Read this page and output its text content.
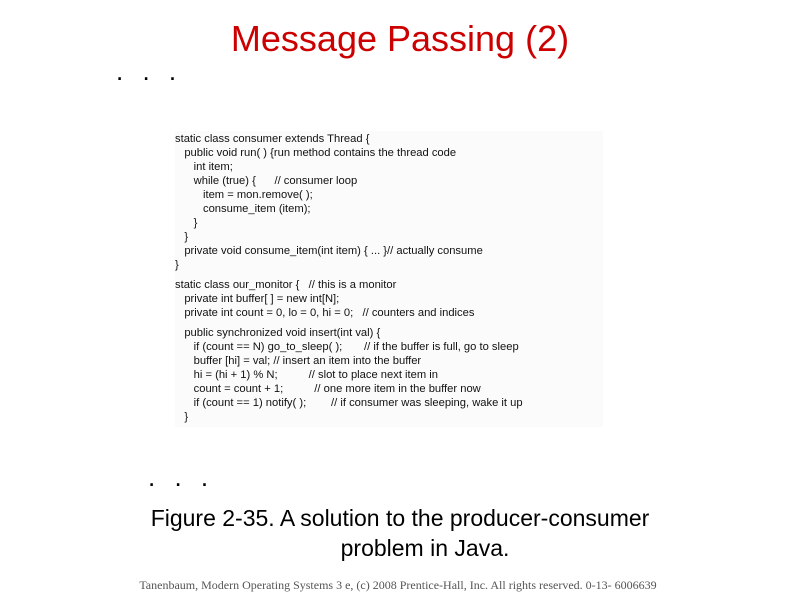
. . .
Message Passing (2)
static class consumer extends Thread {
public void run( ) {run method contains the thread code
int item;
while (true) {      // consumer loop
item = mon.remove( );
consume_item (item);
}
}
private void consume_item(int item) { ... }// actually consume
}
static class our_monitor {   // this is a monitor
private int buffer[ ] = new int[N];
private int count = 0, lo = 0, hi = 0;   // counters and indices
public synchronized void insert(int val) {
if (count == N) go_to_sleep( );       // if the buffer is full, go to sleep
buffer [hi] = val; // insert an item into the buffer
hi = (hi + 1) % N;          // slot to place next item in
count = count + 1;          // one more item in the buffer now
if (count == 1) notify( );        // if consumer was sleeping, wake it up
}
. . .
Figure 2-35. A solution to the producer-consumer
problem in Java.
Tanenbaum, Modern Operating Systems 3 e, (c) 2008 Prentice-Hall, Inc. All rights reserved. 0-13- 6006639
